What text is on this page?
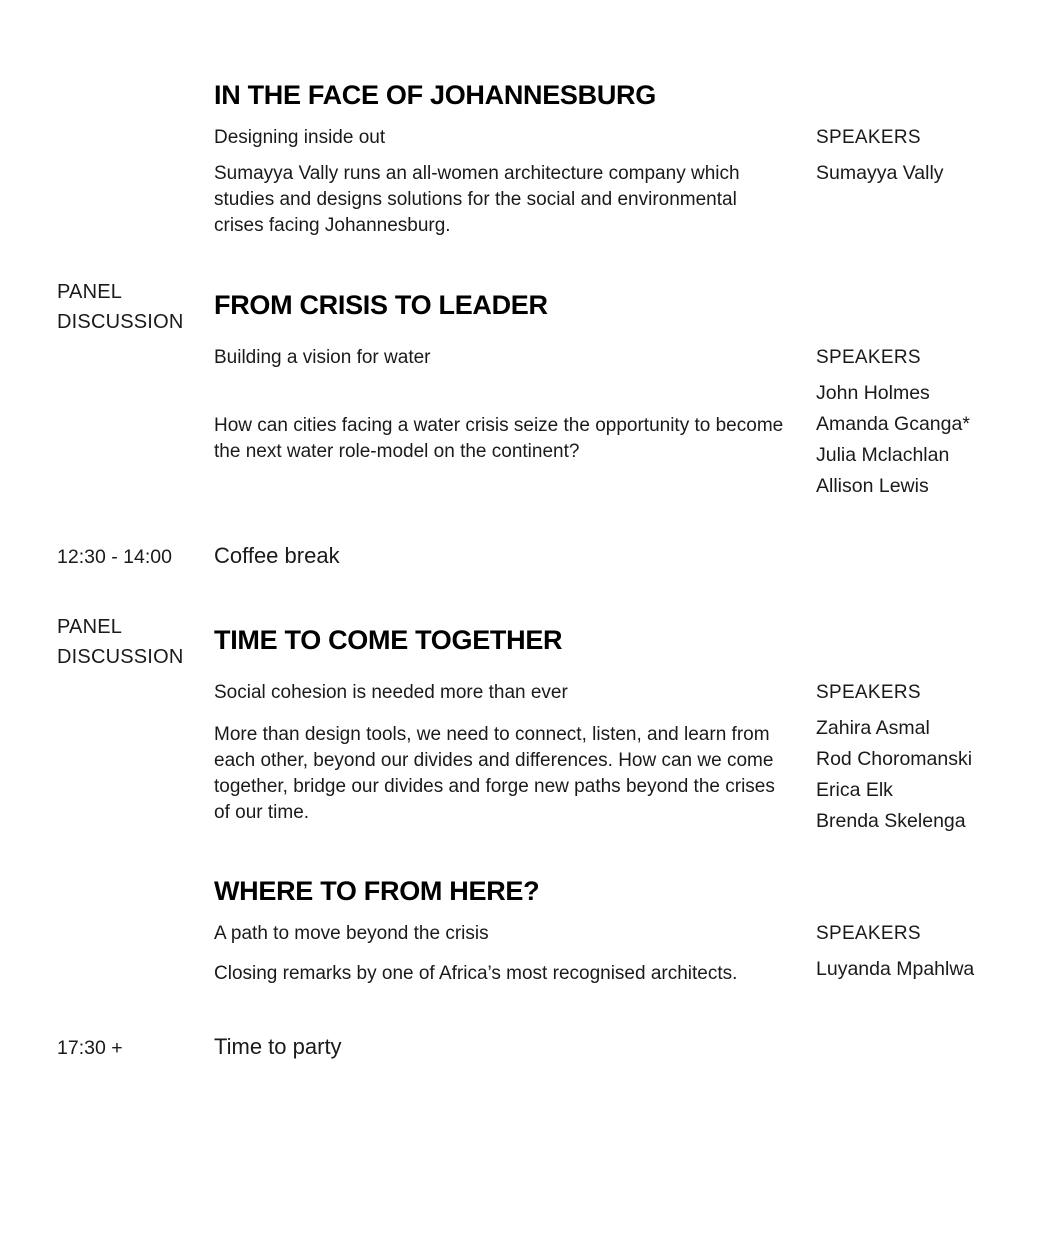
IN THE FACE OF JOHANNESBURG
Designing inside out
Sumayya Vally runs an all-women architecture company which studies and designs solutions for the social and environmental crises facing Johannesburg.
SPEAKERS
Sumayya Vally
PANEL DISCUSSION
FROM CRISIS TO LEADER
Building a vision for water
How can cities facing a water crisis seize the opportunity to become the next water role-model on the continent?
SPEAKERS
John Holmes
Amanda Gcanga*
Julia Mclachlan
Allison Lewis
12:30 - 14:00 Coffee break
PANEL DISCUSSION
TIME TO COME TOGETHER
Social cohesion is needed more than ever
More than design tools, we need to connect, listen, and learn from each other, beyond our divides and differences. How can we come together, bridge our divides and forge new paths beyond the crises of our time.
SPEAKERS
Zahira Asmal
Rod Choromanski
Erica Elk
Brenda Skelenga
WHERE TO FROM HERE?
A path to move beyond the crisis
Closing remarks by one of Africa’s most recognised architects.
SPEAKERS
Luyanda Mpahlwa
17:30 +	Time to party
